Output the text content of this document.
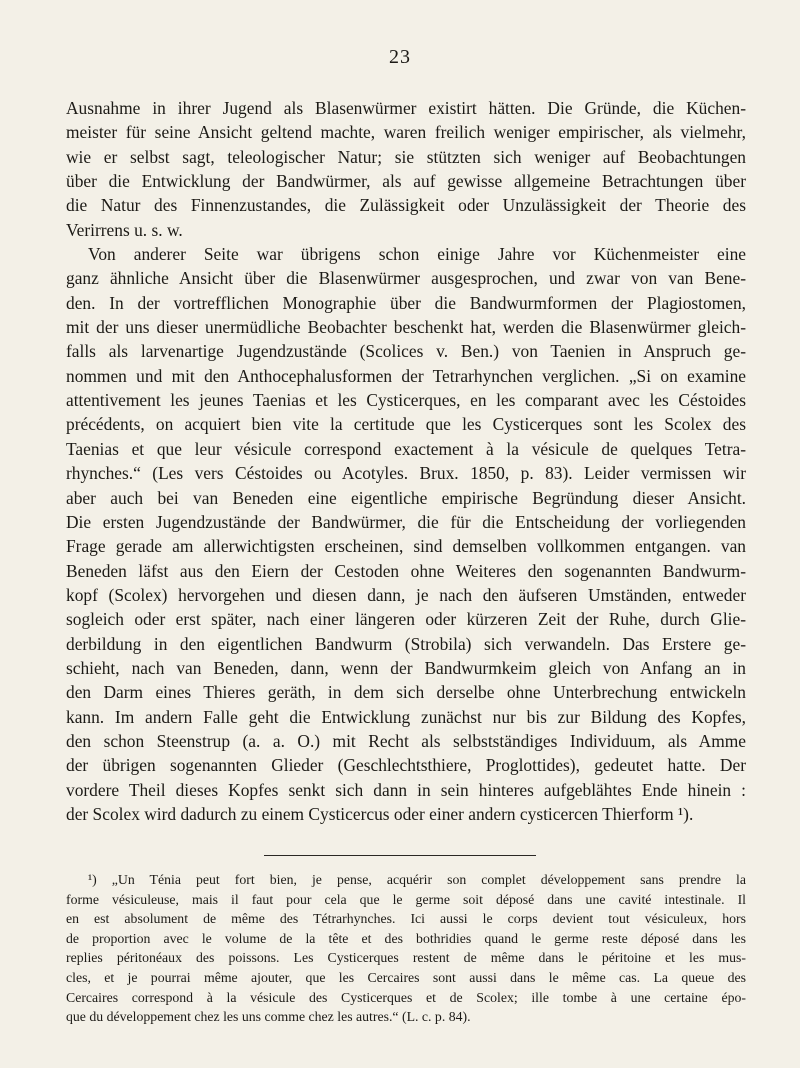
23
Ausnahme in ihrer Jugend als Blasenwürmer existirt hätten. Die Gründe, die Küchen-
meister für seine Ansicht geltend machte, waren freilich weniger empirischer, als vielmehr,
wie er selbst sagt, teleologischer Natur; sie stützten sich weniger auf Beobachtungen
über die Entwicklung der Bandwürmer, als auf gewisse allgemeine Betrachtungen über
die Natur des Finnenzustandes, die Zulässigkeit oder Unzulässigkeit der Theorie des
Verirrens u. s. w.
Von anderer Seite war übrigens schon einige Jahre vor Küchenmeister eine
ganz ähnliche Ansicht über die Blasenwürmer ausgesprochen, und zwar von van Bene-
den. In der vortrefflichen Monographie über die Bandwurmformen der Plagiostomen,
mit der uns dieser unermüdliche Beobachter beschenkt hat, werden die Blasenwürmer gleich-
falls als larvenartige Jugendzustände (Scolices v. Ben.) von Taenien in Anspruch ge-
nommen und mit den Anthocephalusformen der Tetrarhynchen verglichen. „Si on examine
attentivement les jeunes Taenias et les Cysticerques, en les comparant avec les Céstoides
précédents, on acquiert bien vite la certitude que les Cysticerques sont les Scolex des
Taenias et que leur vésicule correspond exactement à la vésicule de quelques Tetra-
rhynches.“ (Les vers Céstoides ou Acotyles. Brux. 1850, p. 83). Leider vermissen wir
aber auch bei van Beneden eine eigentliche empirische Begründung dieser Ansicht.
Die ersten Jugendzustände der Bandwürmer, die für die Entscheidung der vorliegenden
Frage gerade am allerwichtigsten erscheinen, sind demselben vollkommen entgangen. van
Beneden läfst aus den Eiern der Cestoden ohne Weiteres den sogenannten Bandwurm-
kopf (Scolex) hervorgehen und diesen dann, je nach den äufseren Umständen, entweder
sogleich oder erst später, nach einer längeren oder kürzeren Zeit der Ruhe, durch Glie-
derbildung in den eigentlichen Bandwurm (Strobila) sich verwandeln. Das Erstere ge-
schieht, nach van Beneden, dann, wenn der Bandwurmkeim gleich von Anfang an in
den Darm eines Thieres geräth, in dem sich derselbe ohne Unterbrechung entwickeln
kann. Im andern Falle geht die Entwicklung zunächst nur bis zur Bildung des Kopfes,
den schon Steenstrup (a. a. O.) mit Recht als selbstständiges Individuum, als Amme
der übrigen sogenannten Glieder (Geschlechtsthiere, Proglottides), gedeutet hatte. Der
vordere Theil dieses Kopfes senkt sich dann in sein hinteres aufgeblähtes Ende hinein :
der Scolex wird dadurch zu einem Cysticercus oder einer andern cysticercen Thierform ¹).
¹) „Un Ténia peut fort bien, je pense, acquérir son complet développement sans prendre la
forme vésiculeuse, mais il faut pour cela que le germe soit déposé dans une cavité intestinale. Il
en est absolument de même des Tétrarhynches. Ici aussi le corps devient tout vésiculeux, hors
de proportion avec le volume de la tête et des bothridies quand le germe reste déposé dans les
replies péritonéaux des poissons. Les Cysticerques restent de même dans le péritoine et les mus-
cles, et je pourrai même ajouter, que les Cercaires sont aussi dans le même cas. La queue des
Cercaires correspond à la vésicule des Cysticerques et de Scolex; ille tombe à une certaine épo-
que du développement chez les uns comme chez les autres.“ (L. c. p. 84).
